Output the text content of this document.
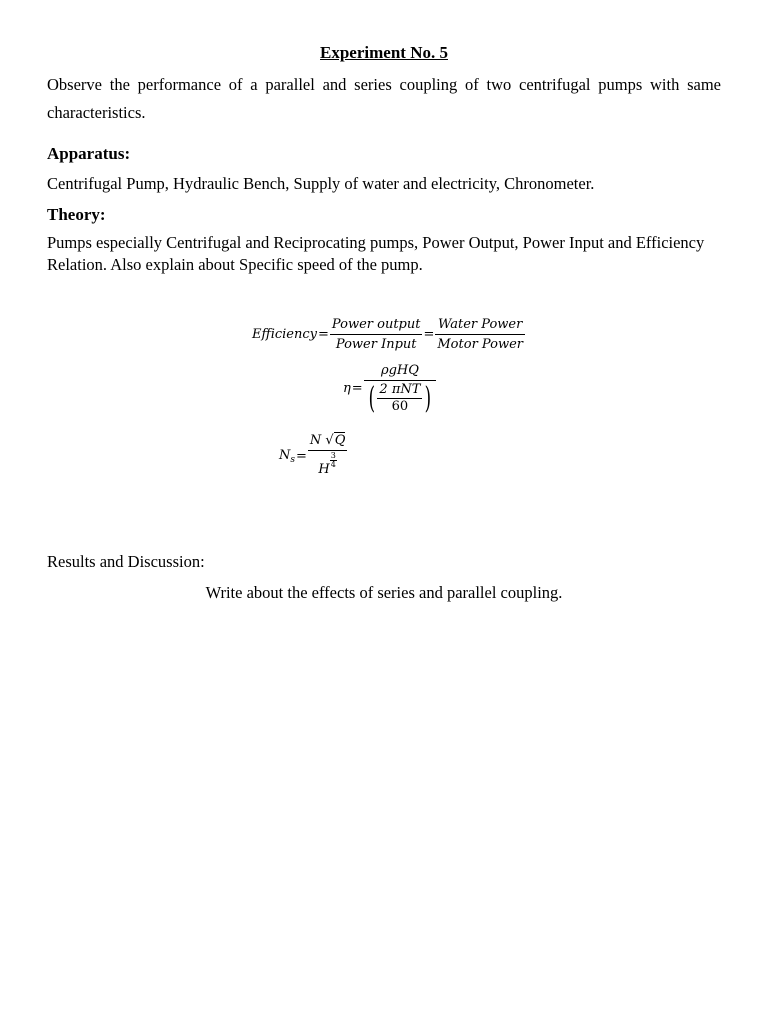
Experiment No. 5
Observe the performance of a parallel and series coupling of two centrifugal pumps with same characteristics.
Apparatus:
Centrifugal Pump, Hydraulic Bench, Supply of water and electricity, Chronometer.
Theory:
Pumps especially Centrifugal and Reciprocating pumps, Power Output, Power Input and Efficiency Relation. Also explain about Specific speed of the pump.
Efficiency= $\frac{\text{Power output}}{\text{Power Input}} = \frac{\text{Water Power}}{\text{Motor Power}}$
$\eta= \frac{\text{ρgHQ}}{( \frac{\text{2 πNT}}{60} )}$
$N_s= N$ √Q
H
$\frac{3}{4}$
Results and Discussion:
Write about the effects of series and parallel coupling.
